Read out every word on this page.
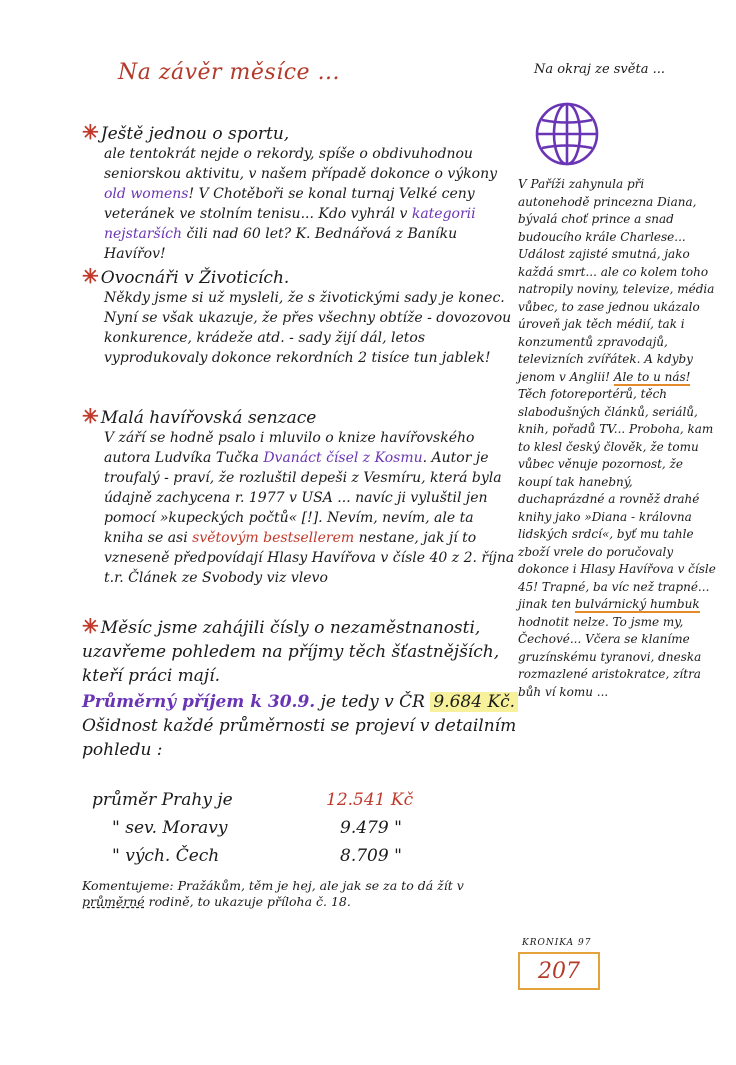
Na závěr měsíce ...	Na okraj ze světa ...
✳ Ještě jednou o sportu,
ale tentokrát nejde o rekordy, spíše o obdivuhodnou seniorskou aktivitu, v našem případě dokonce o výkony old womens! V Chotěboři se konal turnaj Velké ceny veteránek ve stolním tenisu... Kdo vyhrál v kategorii nejstarších čili nad 60 let? K. Bednářová z Baníku Havířov!
✳ Ovocnáři v Životicích.
Někdy jsme si už mysleli, že s životickými sady je konec. Nyní se však ukazuje, že přes všechny obtíže - dovozovou konkurence, krádeže atd. - sady žijí dál, letos vyprodukovaly dokonce rekordních 2 tisíce tun jablek!
✳ Malá havířovská senzace
V září se hodně psalo i mluvilo o knize havířovského autora Ludvíka Tučka Dvanáct čísel z Kosmu. Autor je troufalý - praví, že rozluštil depeši z Vesmíru, která byla údajně zachycena r. 1977 v USA ... navíc ji vyluštil jen pomocí »kupeckých počtů« [!]. Nevím, nevím, ale ta kniha se asi světovým bestsellerem nestane, jak jí to vzneseně předpovídají Hlasy Havířova v čísle 40 z 2. října t.r. Článek ze Svobody viz vlevo
✳ Měsíc jsme zahájili čísly o nezaměstnanosti, uzavřeme pohledem na příjmy těch šťastnějších, kteří práci mají.
Průměrný příjem k 30.9. je tedy v ČR 9.684 Kč. Ošidnost každé průměrnosti se projeví v detailním pohledu :
průměr Prahy je	12.541 Kč
" sev. Moravy	9.479 "
" vých. Čech	8.709 "
Komentujeme: Pražákům, těm je hej, ale jak se za to dá žít v průměrné rodině, to ukazuje příloha č. 18.
V Paříži zahynula při autonehodě princezna Diana, bývalá choť prince a snad budoucího krále Charlese... Událost zajisté smutná, jako každá smrt... ale co kolem toho natropily noviny, televize, média vůbec, to zase jednou ukázalo úroveň jak těch médií, tak i konzumentů zpravodajů, televizních zvířátek. A kdyby jenom v Anglii! Ale to u nás! Těch fotoreportérů, těch slabodušných článků, seriálů, knih, pořadů TV... Proboha, kam to klesl český člověk, že tomu vůbec věnuje pozornost, že koupí tak hanebný, duchaprázdné a rovněž drahé knihy jako »Diana - královna lidských srdcí«, byť mu tahle zboží vrele do poručovaly dokonce i Hlasy Havířova v čísle 45! Trapné, ba víc než trapné... jinak ten bulvárnický humbuk hodnotit nelze. To jsme my, Čechové... Včera se klaníme gruzínskému tyranovi, dneska rozmazlené aristokratce, zítra bůh ví komu ...
KRONIKA 97
207
